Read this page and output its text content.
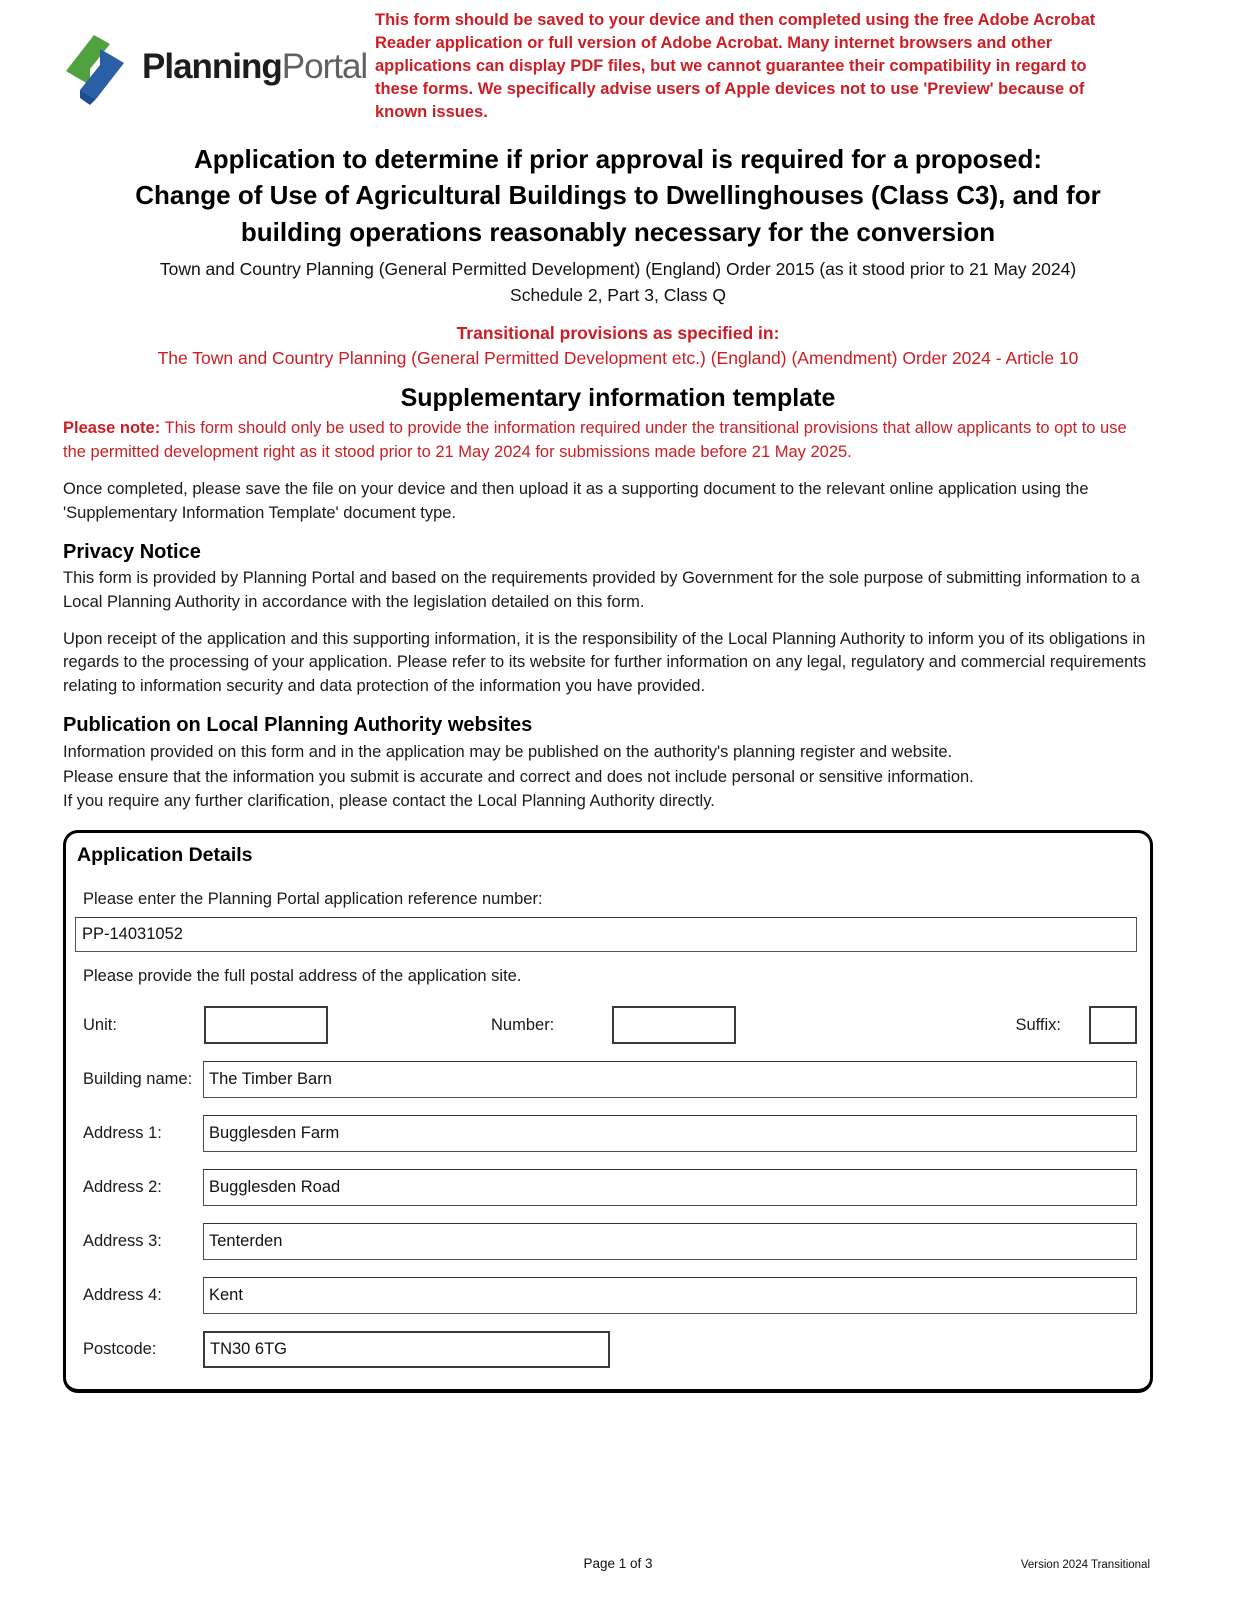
PlanningPortal
This form should be saved to your device and then completed using the free Adobe Acrobat
Reader application or full version of Adobe Acrobat. Many internet browsers and other
applications can display PDF files, but we cannot guarantee their compatibility in regard to
these forms. We specifically advise users of Apple devices not to use 'Preview' because of
known issues.
Application to determine if prior approval is required for a proposed:
Change of Use of Agricultural Buildings to Dwellinghouses (Class C3), and for
building operations reasonably necessary for the conversion
Town and Country Planning (General Permitted Development) (England) Order 2015 (as it stood prior to 21 May 2024)
Schedule 2, Part 3, Class Q
Transitional provisions as specified in:
The Town and Country Planning (General Permitted Development etc.) (England) (Amendment) Order 2024 - Article 10
Supplementary information template

Please note: This form should only be used to provide the information required under the transitional provisions that allow applicants to opt to use the permitted development right as it stood prior to 21 May 2024 for submissions made before 21 May 2025.

Once completed, please save the file on your device and then upload it as a supporting document to the relevant online application using the 'Supplementary Information Template' document type.

Privacy Notice

This form is provided by Planning Portal and based on the requirements provided by Government for the sole purpose of submitting information to a Local Planning Authority in accordance with the legislation detailed on this form.

Upon receipt of the application and this supporting information, it is the responsibility of the Local Planning Authority to inform you of its obligations in regards to the processing of your application. Please refer to its website for further information on any legal, regulatory and commercial requirements relating to information security and data protection of the information you have provided.

Publication on Local Planning Authority websites
Information provided on this form and in the application may be published on the authority's planning register and website.
Please ensure that the information you submit is accurate and correct and does not include personal or sensitive information.
If you require any further clarification, please contact the Local Planning Authority directly.
Application Details
Please enter the Planning Portal application reference number:
PP-14031052
Please provide the full postal address of the application site.
Unit:	Number:	Suffix:
Building name:
The Timber Barn
Address 1:
Bugglesden Farm
Address 2:
Bugglesden Road
Address 3:
Tenterden
Address 4:
Kent
Postcode:
TN30 6TG
Page 1 of 3	Version 2024 Transitional
